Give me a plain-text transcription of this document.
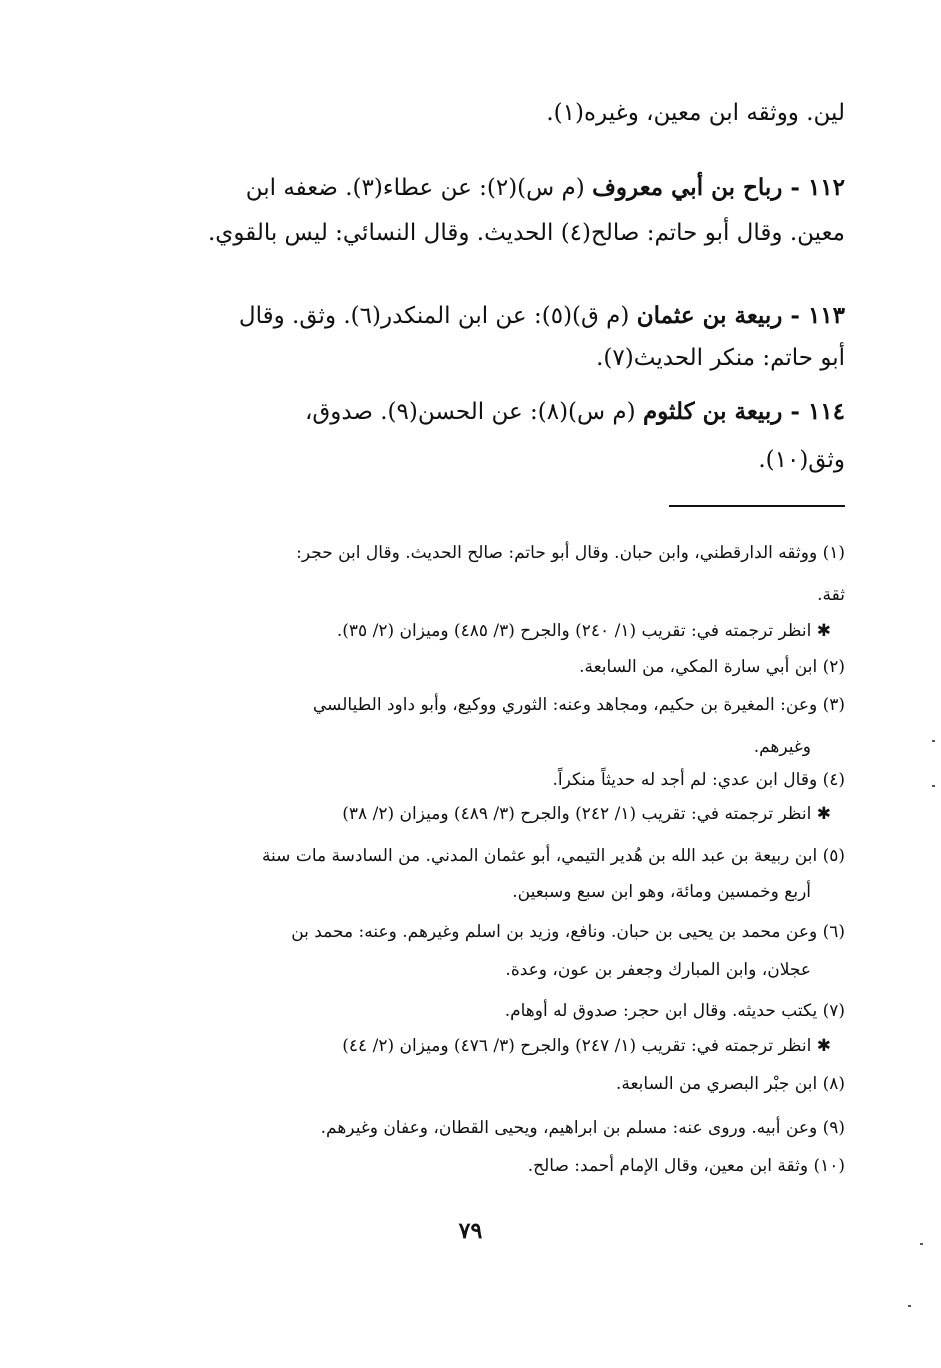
لين. ووثقه ابن معين، وغيره(١).
١١٢ - رباح بن أبي معروف (م س)(٢): عن عطاء(٣). ضعفه ابن
معين. وقال أبو حاتم: صالح(٤) الحديث. وقال النسائي: ليس بالقوي.
١١٣ - ربيعة بن عثمان (م ق)(٥): عن ابن المنكدر(٦). وثق. وقال
أبو حاتم: منكر الحديث(٧).
١١٤ - ربيعة بن كلثوم (م س)(٨): عن الحسن(٩). صدوق،
وثق(١٠).
(١) ووثقه الدارقطني، وابن حبان. وقال أبو حاتم: صالح الحديث. وقال ابن حجر:
ثقة.
✱ انظر ترجمته في: تقريب (١/ ٢٤٠) والجرح (٣/ ٤٨٥) وميزان (٢/ ٣٥).
(٢) ابن أبي سارة المكي، من السابعة.
(٣) وعن: المغيرة بن حكيم، ومجاهد وعنه: الثوري ووكيع، وأبو داود الطيالسي
وغيرهم.
(٤) وقال ابن عدي: لم أجد له حديثاً منكراً.
✱ انظر ترجمته في: تقريب (١/ ٢٤٢) والجرح (٣/ ٤٨٩) وميزان (٢/ ٣٨)
(٥) ابن ربيعة بن عبد الله بن هُدير التيمي، أبو عثمان المدني. من السادسة مات سنة
أربع وخمسين ومائة، وهو ابن سبع وسبعين.
(٦) وعن محمد بن يحيى بن حبان. ونافع، وزيد بن اسلم وغيرهم. وعنه: محمد بن
عجلان، وابن المبارك وجعفر بن عون، وعدة.
(٧) يكتب حديثه. وقال ابن حجر: صدوق له أوهام.
✱ انظر ترجمته في: تقريب (١/ ٢٤٧) والجرح (٣/ ٤٧٦) وميزان (٢/ ٤٤)
(٨) ابن جبْر البصري من السابعة.
(٩) وعن أبيه. وروى عنه: مسلم بن ابراهيم، ويحيى القطان، وعفان وغيرهم.
(١٠) وثقة ابن معين، وقال الإمام أحمد: صالح.
٧٩
